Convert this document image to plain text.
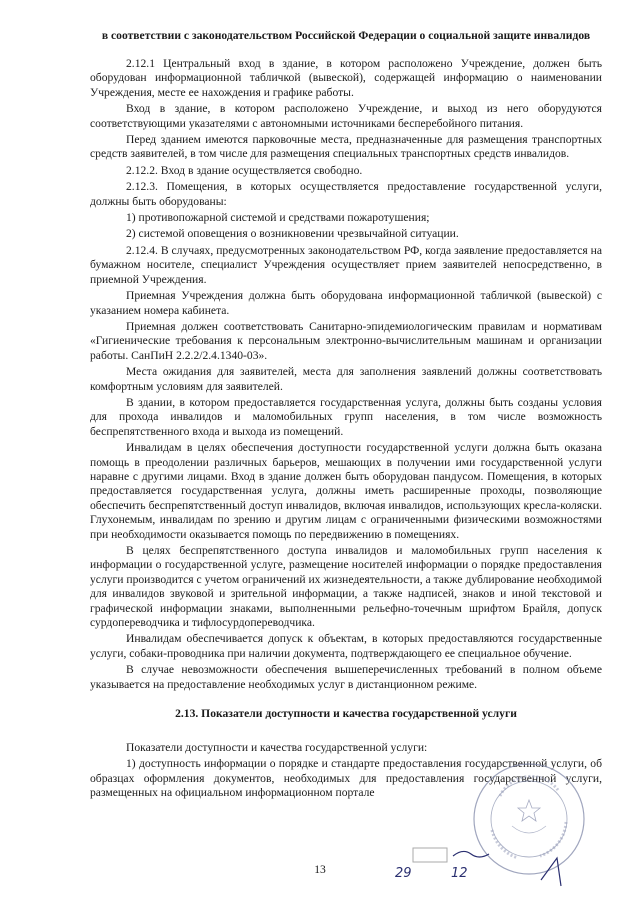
в соответствии с законодательством Российской Федерации о социальной защите инвалидов

2.12.1 Центральный вход в здание, в котором расположено Учреждение, должен быть оборудован информационной табличкой (вывеской), содержащей информацию о наименовании Учреждения, месте ее нахождения и графике работы.

Вход в здание, в котором расположено Учреждение, и выход из него оборудуются соответствующими указателями с автономными источниками бесперебойного питания.

Перед зданием имеются парковочные места, предназначенные для размещения транспортных средств заявителей, в том числе для размещения специальных транспортных средств инвалидов.

2.12.2. Вход в здание осуществляется свободно.

2.12.3. Помещения, в которых осуществляется предоставление государственной услуги, должны быть оборудованы:

1) противопожарной системой и средствами пожаротушения;

2) системой оповещения о возникновении чрезвычайной ситуации.

2.12.4. В случаях, предусмотренных законодательством РФ, когда заявление предоставляется на бумажном носителе, специалист Учреждения осуществляет прием заявителей непосредственно, в приемной Учреждения.

Приемная Учреждения должна быть оборудована информационной табличкой (вывеской) с указанием номера кабинета.

Приемная должен соответствовать Санитарно-эпидемиологическим правилам и нормативам «Гигиенические требования к персональным электронно-вычислительным машинам и организации работы. СанПиН 2.2.2/2.4.1340-03».

Места ожидания для заявителей, места для заполнения заявлений должны соответствовать комфортным условиям для заявителей.

В здании, в котором предоставляется государственная услуга, должны быть созданы условия для прохода инвалидов и маломобильных групп населения, в том числе возможность беспрепятственного входа и выхода из помещений.

Инвалидам в целях обеспечения доступности государственной услуги должна быть оказана помощь в преодолении различных барьеров, мешающих в получении ими государственной услуги наравне с другими лицами. Вход в здание должен быть оборудован пандусом. Помещения, в которых предоставляется государственная услуга, должны иметь расширенные проходы, позволяющие обеспечить беспрепятственный доступ инвалидов, включая инвалидов, использующих кресла-коляски. Глухонемым, инвалидам по зрению и другим лицам с ограниченными физическими возможностями при необходимости оказывается помощь по передвижению в помещениях.

В целях беспрепятственного доступа инвалидов и маломобильных групп населения к информации о государственной услуге, размещение носителей информации о порядке предоставления услуги производится с учетом ограничений их жизнедеятельности, а также дублирование необходимой для инвалидов звуковой и зрительной информации, а также надписей, знаков и иной текстовой и графической информации знаками, выполненными рельефно-точечным шрифтом Брайля, допуск сурдопереводчика и тифлосурдопереводчика.

Инвалидам обеспечивается допуск к объектам, в которых предоставляются государственные услуги, собаки-проводника при наличии документа, подтверждающего ее специальное обучение.

В случае невозможности обеспечения вышеперечисленных требований в полном объеме указывается на предоставление необходимых услуг в дистанционном режиме.

2.13. Показатели доступности и качества государственной услуги

Показатели доступности и качества государственной услуги:

1) доступность информации о порядке и стандарте предоставления государственной услуги, об образцах оформления документов, необходимых для предоставления государственной услуги, размещенных на официальном информационном портале

13	29	12
